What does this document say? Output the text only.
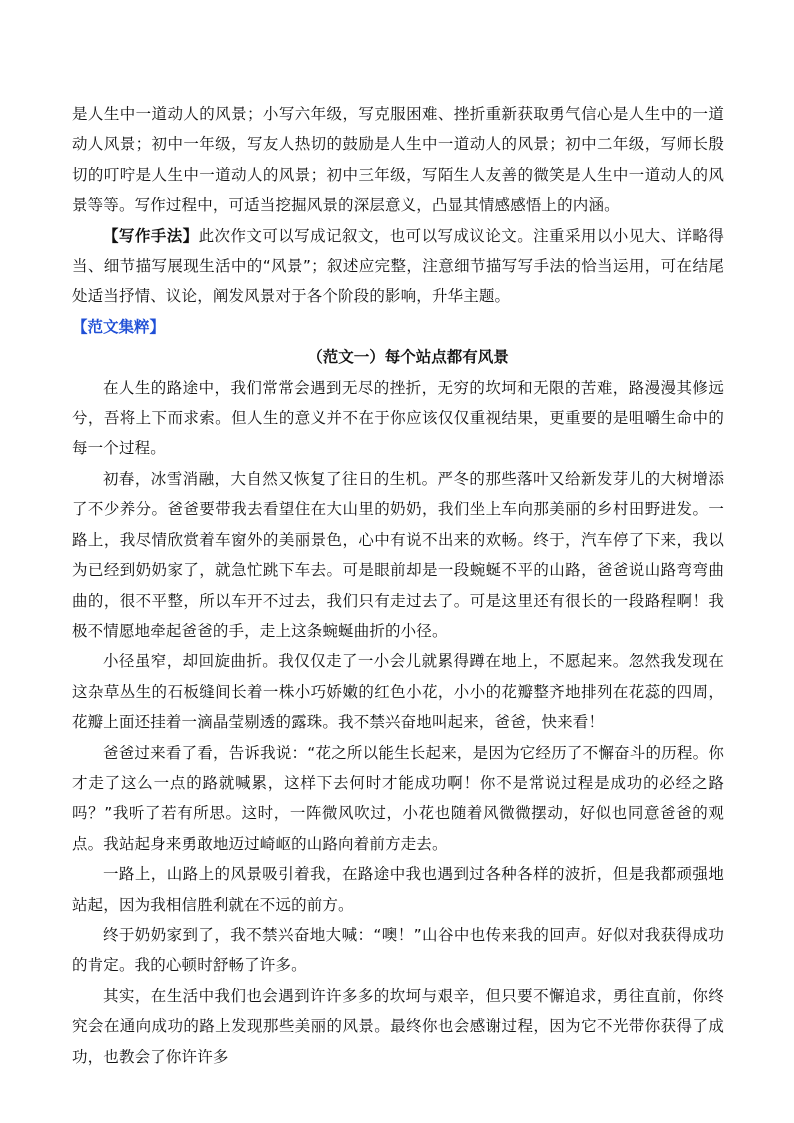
是人生中一道动人的风景；小写六年级，写克服困难、挫折重新获取勇气信心是人生中的一道动人风景；初中一年级，写友人热切的鼓励是人生中一道动人的风景；初中二年级，写师长殷切的叮咛是人生中一道动人的风景；初中三年级，写陌生人友善的微笑是人生中一道动人的风景等等。写作过程中，可适当挖掘风景的深层意义，凸显其情感感悟上的内涵。

【写作手法】此次作文可以写成记叙文，也可以写成议论文。注重采用以小见大、详略得当、细节描写展现生活中的“风景”；叙述应完整，注意细节描写写手法的恰当运用，可在结尾处适当抒情、议论，阐发风景对于各个阶段的影响，升华主题。

【范文集粹】
（范文一）每个站点都有风景

在人生的路途中，我们常常会遇到无尽的挫折，无穷的坎坷和无限的苦难，路漫漫其修远兮，吾将上下而求索。但人生的意义并不在于你应该仅仅重视结果，更重要的是咀嚼生命中的每一个过程。

初春，冰雪消融，大自然又恢复了往日的生机。严冬的那些落叶又给新发芽儿的大树增添了不少养分。爸爸要带我去看望住在大山里的奶奶，我们坐上车向那美丽的乡村田野进发。一路上，我尽情欣赏着车窗外的美丽景色，心中有说不出来的欢畅。终于，汽车停了下来，我以为已经到奶奶家了，就急忙跳下车去。可是眼前却是一段蜿蜒不平的山路，爸爸说山路弯弯曲曲的，很不平整，所以车开不过去，我们只有走过去了。可是这里还有很长的一段路程啊！我极不情愿地牵起爸爸的手，走上这条蜿蜒曲折的小径。

小径虽窄，却回旋曲折。我仅仅走了一小会儿就累得蹲在地上，不愿起来。忽然我发现在这杂草丛生的石板缝间长着一株小巧娇嫩的红色小花，小小的花瓣整齐地排列在花蕊的四周，花瓣上面还挂着一滴晶莹剔透的露珠。我不禁兴奋地叫起来，爸爸，快来看！

爸爸过来看了看，告诉我说：“花之所以能生长起来，是因为它经历了不懈奋斗的历程。你才走了这么一点的路就喊累，这样下去何时才能成功啊！你不是常说过程是成功的必经之路吗？”我听了若有所思。这时，一阵微风吹过，小花也随着风微微摆动，好似也同意爸爸的观点。我站起身来勇敢地迈过崎岖的山路向着前方走去。

一路上，山路上的风景吸引着我，在路途中我也遇到过各种各样的波折，但是我都顽强地站起，因为我相信胜利就在不远的前方。

终于奶奶家到了，我不禁兴奋地大喊：“噢！”山谷中也传来我的回声。好似对我获得成功的肯定。我的心顿时舒畅了许多。

其实，在生活中我们也会遇到许许多多的坎坷与艰辛，但只要不懈追求，勇往直前，你终究会在通向成功的路上发现那些美丽的风景。最终你也会感谢过程，因为它不光带你获得了成功，也教会了你许许多
